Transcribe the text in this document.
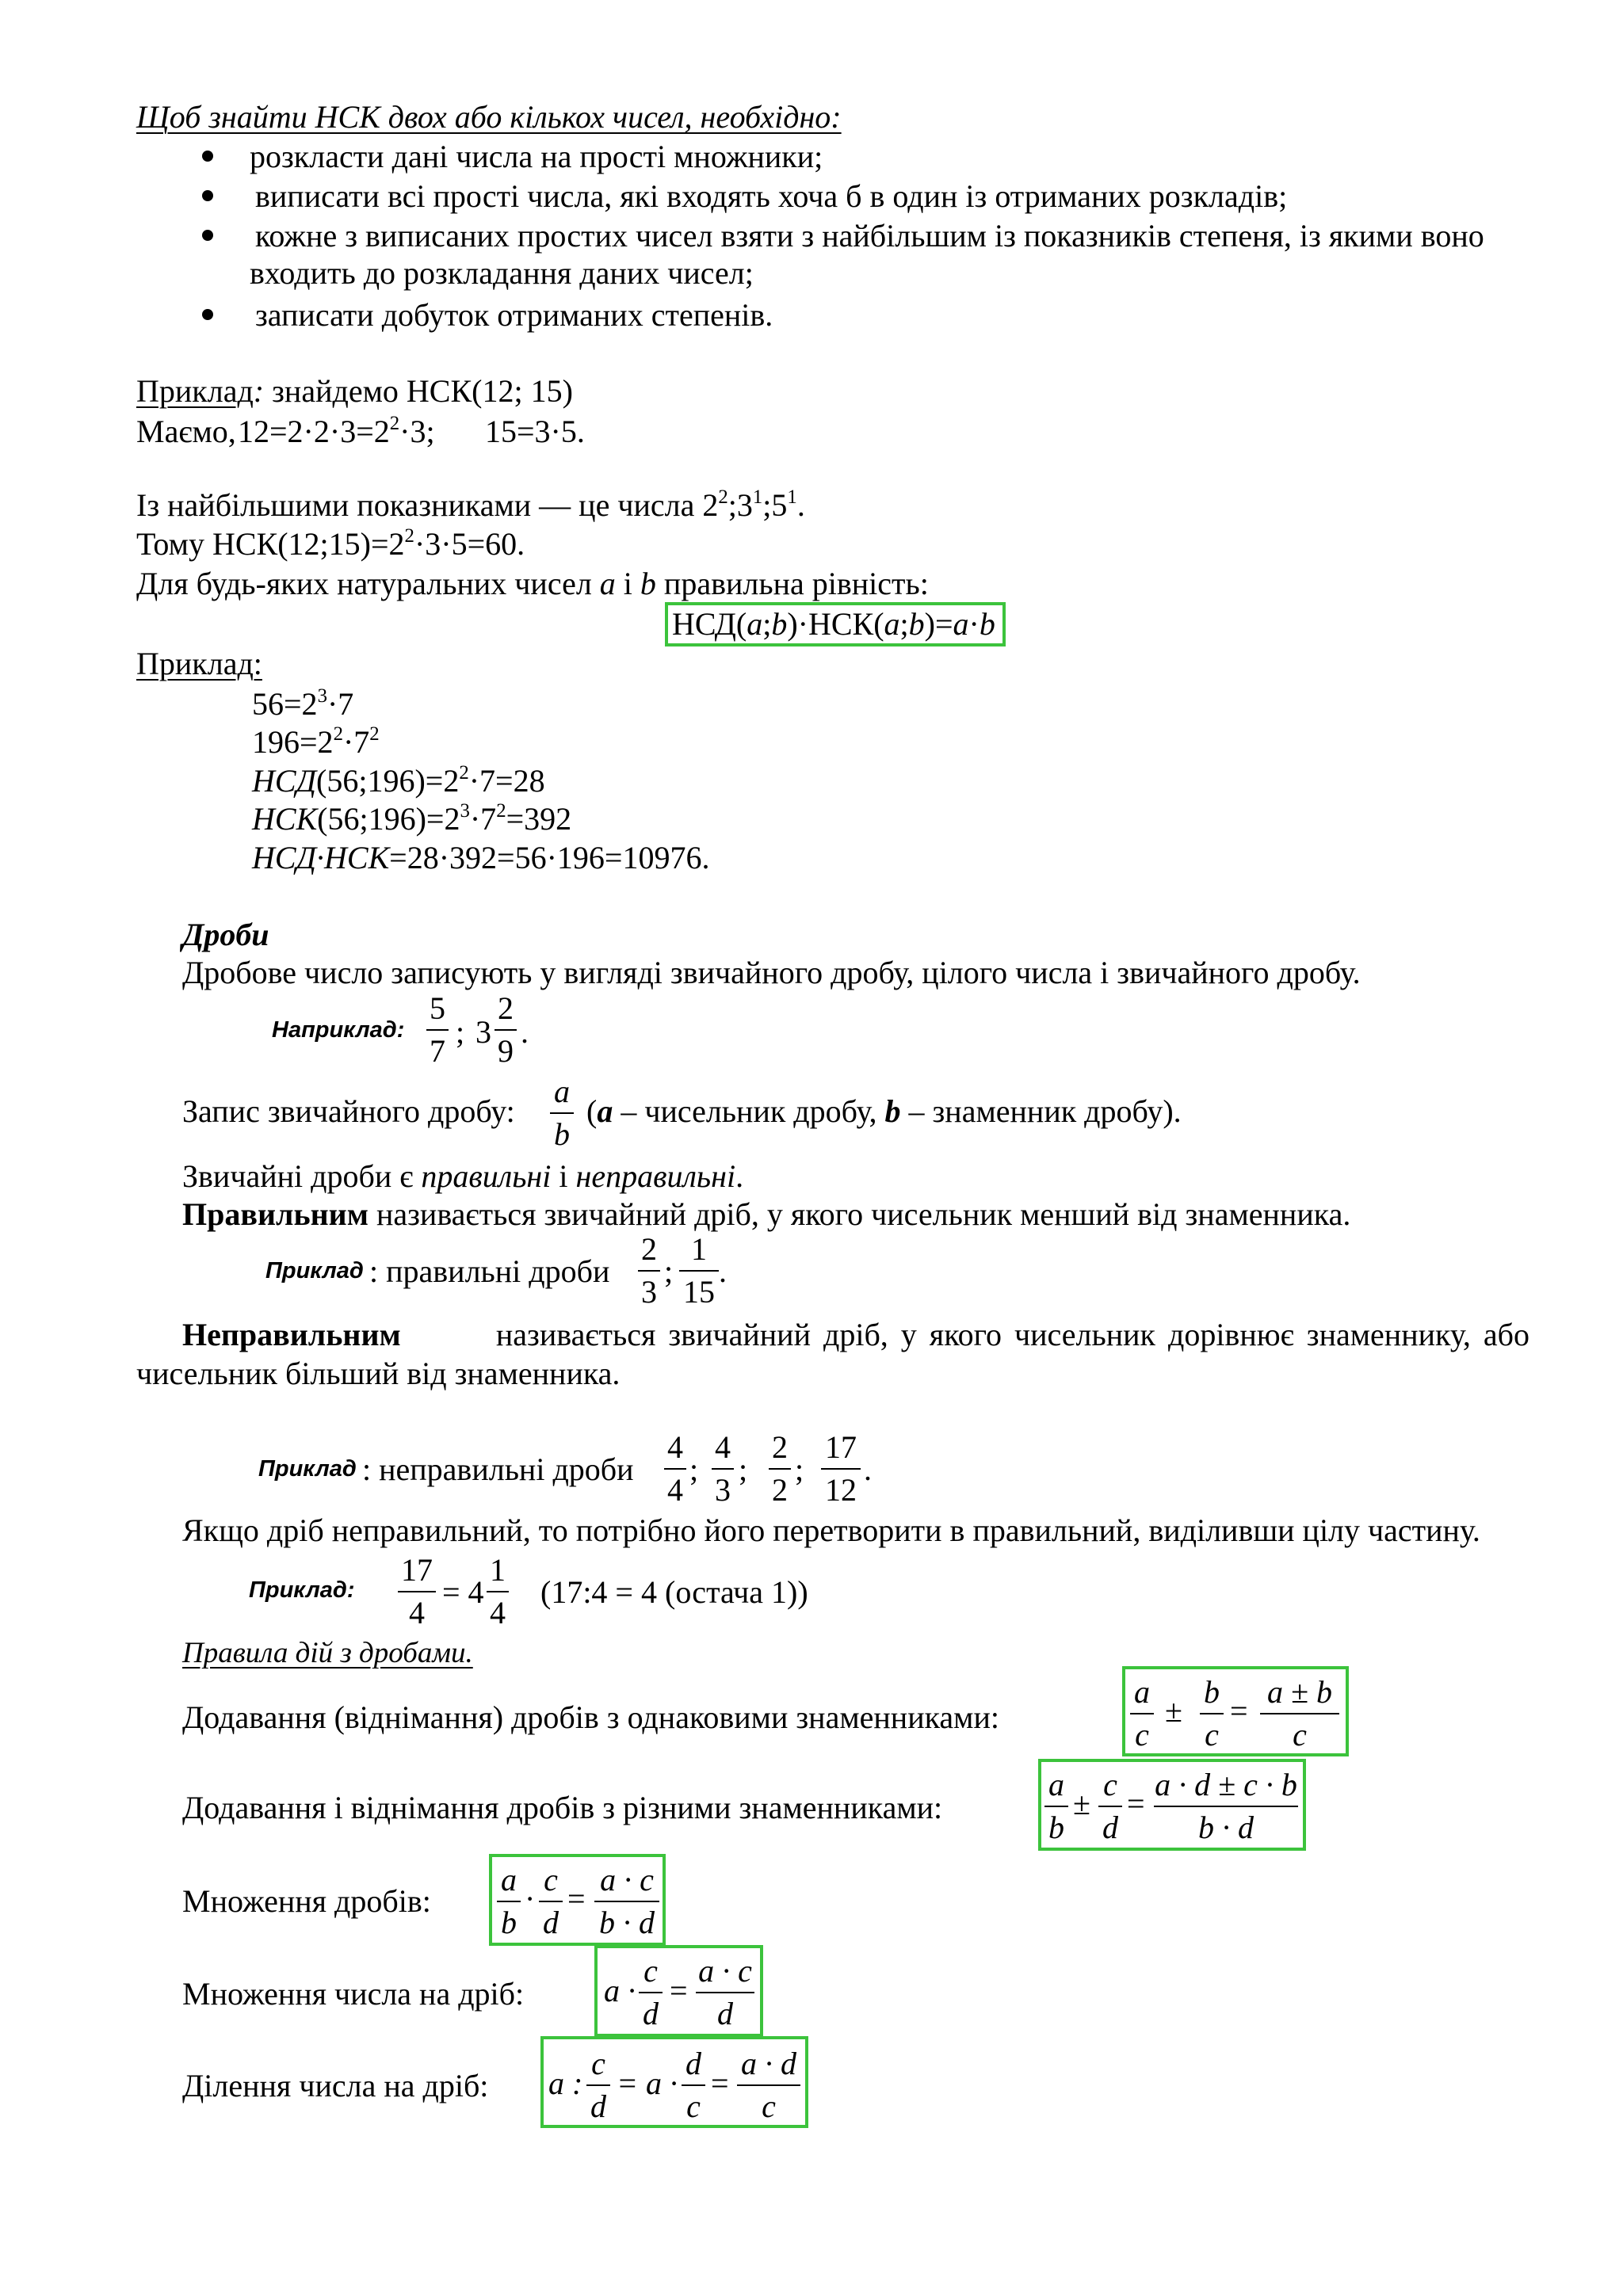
Щоб знайти НСК двох або кількох чисел, необхідно:
розкласти дані числа на прості множники;
виписати всі прості числа, які входять хоча б в один із отриманих розкладів;
кожне з виписаних простих чисел взяти з найбільшим із показників степеня, із якими воно
входить до розкладання даних чисел;
записати добуток отриманих степенів.
Приклад: знайдемо НСК(12; 15)
Маємо, $12=2\cdot 2\cdot 3=2^2\cdot 3$; 15=3·5.
Із найбільшими показниками — це числа $2^2;3^1;5^1$.
Тому $НСК(12;15)=2^2\cdot 3\cdot 5=60$.
Для будь-яких натуральних чисел a і b правильна рівність:
НСД(a;b)·НСК(a;b)=a·b
Приклад:
$56=2^3\cdot 7$
$196=2^2\cdot 7^2$
$НСД(56;196)=2^2\cdot 7=28$
$НСК(56;196)=2^3\cdot 7^2=392$
НСД·НСК=28·392=56·196=10976.
Дроби
Дробове число записують у вигляді звичайного дробу, цілого числа і звичайного дробу.
Наприклад:
5
7
; 3
2
9
.
Запис звичайного дробу:
a
b
(a – чисельник дробу, b – знаменник дробу).
Звичайні дроби є правильні і неправильні.
Правильним називається звичайний дріб, у якого чисельник менший від знаменника.
Приклад : правильні дроби
2
3
;
1
15
.
Неправильним	називається звичайний дріб, у якого чисельник дорівнює знаменнику, або
чисельник більший від знаменника.
Приклад : неправильні дроби
4
4
;
4
3
;
2
2
;
17
12
.
Якщо дріб неправильний, то потрібно його перетворити в правильний, виділивши цілу частину.
Приклад:
17
4
= 4
1
4
(17:4 = 4 (остача 1))
Правила дій з дробами.
Додавання (віднімання) дробів з однаковими знаменниками:
a
c
±
b
c
=
a ± b
c
Додавання і віднімання дробів з різними знаменниками:
a
b
±
c
d
=
a · d ± c · b
b · d
Множення дробів:
a
b
·
c
d
=
a · c
b · d
Множення числа на дріб:	a ·
c
d
=
a · c
d
Ділення числа на дріб: a :
c
d
= a ·
d
c
=
a · d
c
